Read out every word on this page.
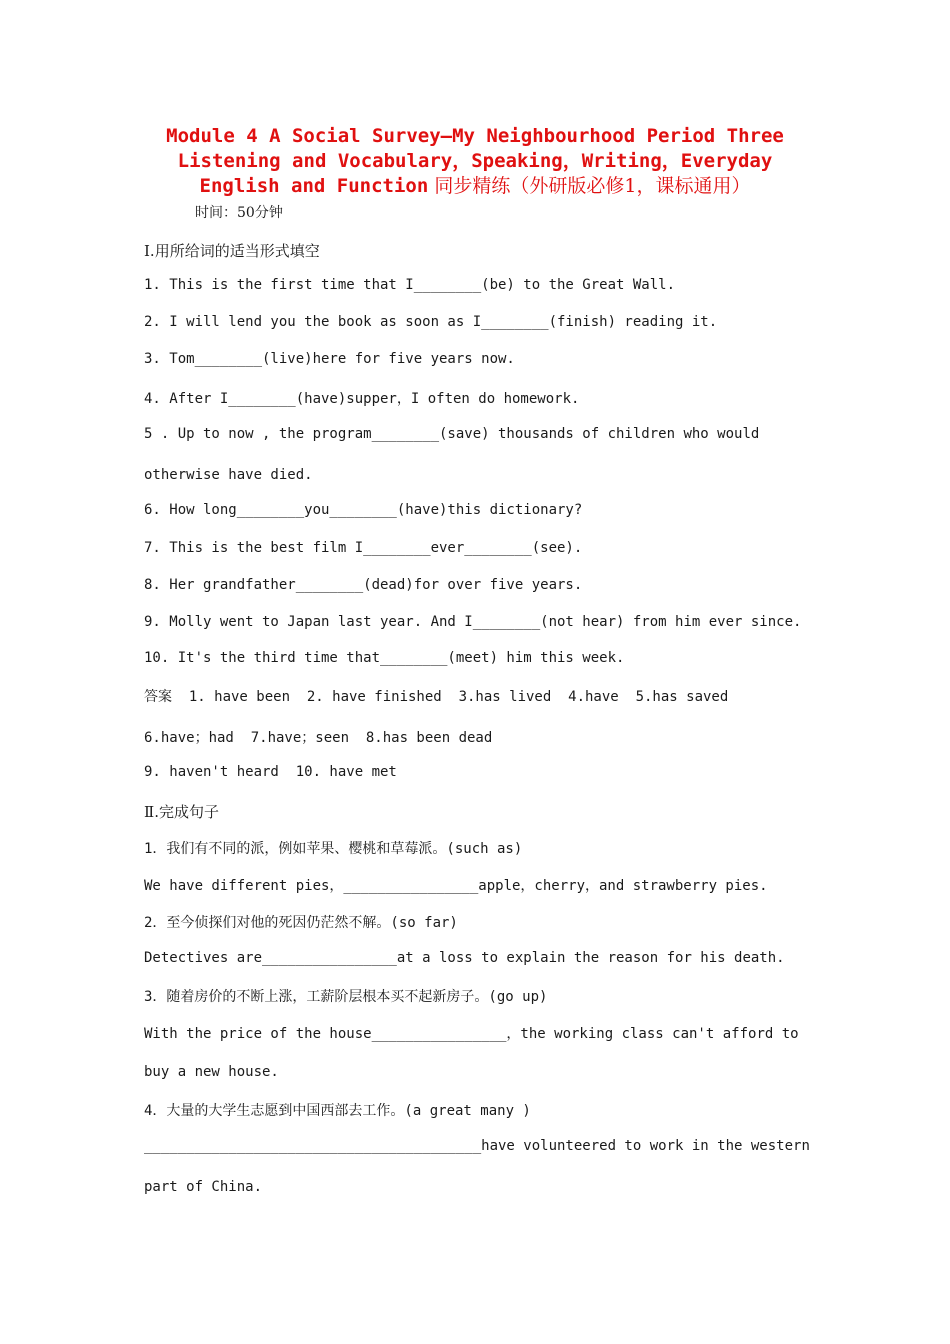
Module 4 A Social Survey—My Neighbourhood Period Three
Listening and Vocabulary，Speaking，Writing，Everyday
English and Function 同步精练（外研版必修1，课标通用）
时间：50分钟
I.用所给词的适当形式填空
1. This is the first time that I________(be) to the Great Wall.
2. I will lend you the book as soon as I________(finish) reading it.
3. Tom________(live)here for five years now.
4. After I________(have)supper，I often do homework.
5 . Up to now , the program________(save) thousands of children who would
otherwise have died.
6. How long________you________(have)this dictionary?
7. This is the best film I________ever________(see).
8. Her grandfather________(dead)for over five years.
9. Molly went to Japan last year. And I________(not hear) from him ever since.
10. It's the third time that________(meet) him this week.
答案  1. have been  2. have finished  3.has lived  4.have  5.has saved
6.have；had  7.have；seen  8.has been dead
9. haven't heard  10. have met
Ⅱ.完成句子
1．我们有不同的派，例如苹果、樱桃和草莓派。(such as)
We have different pies，________________apple，cherry，and strawberry pies.
2．至今侦探们对他的死因仍茫然不解。(so far)
Detectives are________________at a loss to explain the reason for his death.
3．随着房价的不断上涨，工薪阶层根本买不起新房子。(go up)
With the price of the house________________，the working class can't afford to
buy a new house.
4．大量的大学生志愿到中国西部去工作。(a great many )
________________________________________have volunteered to work in the western
part of China.
